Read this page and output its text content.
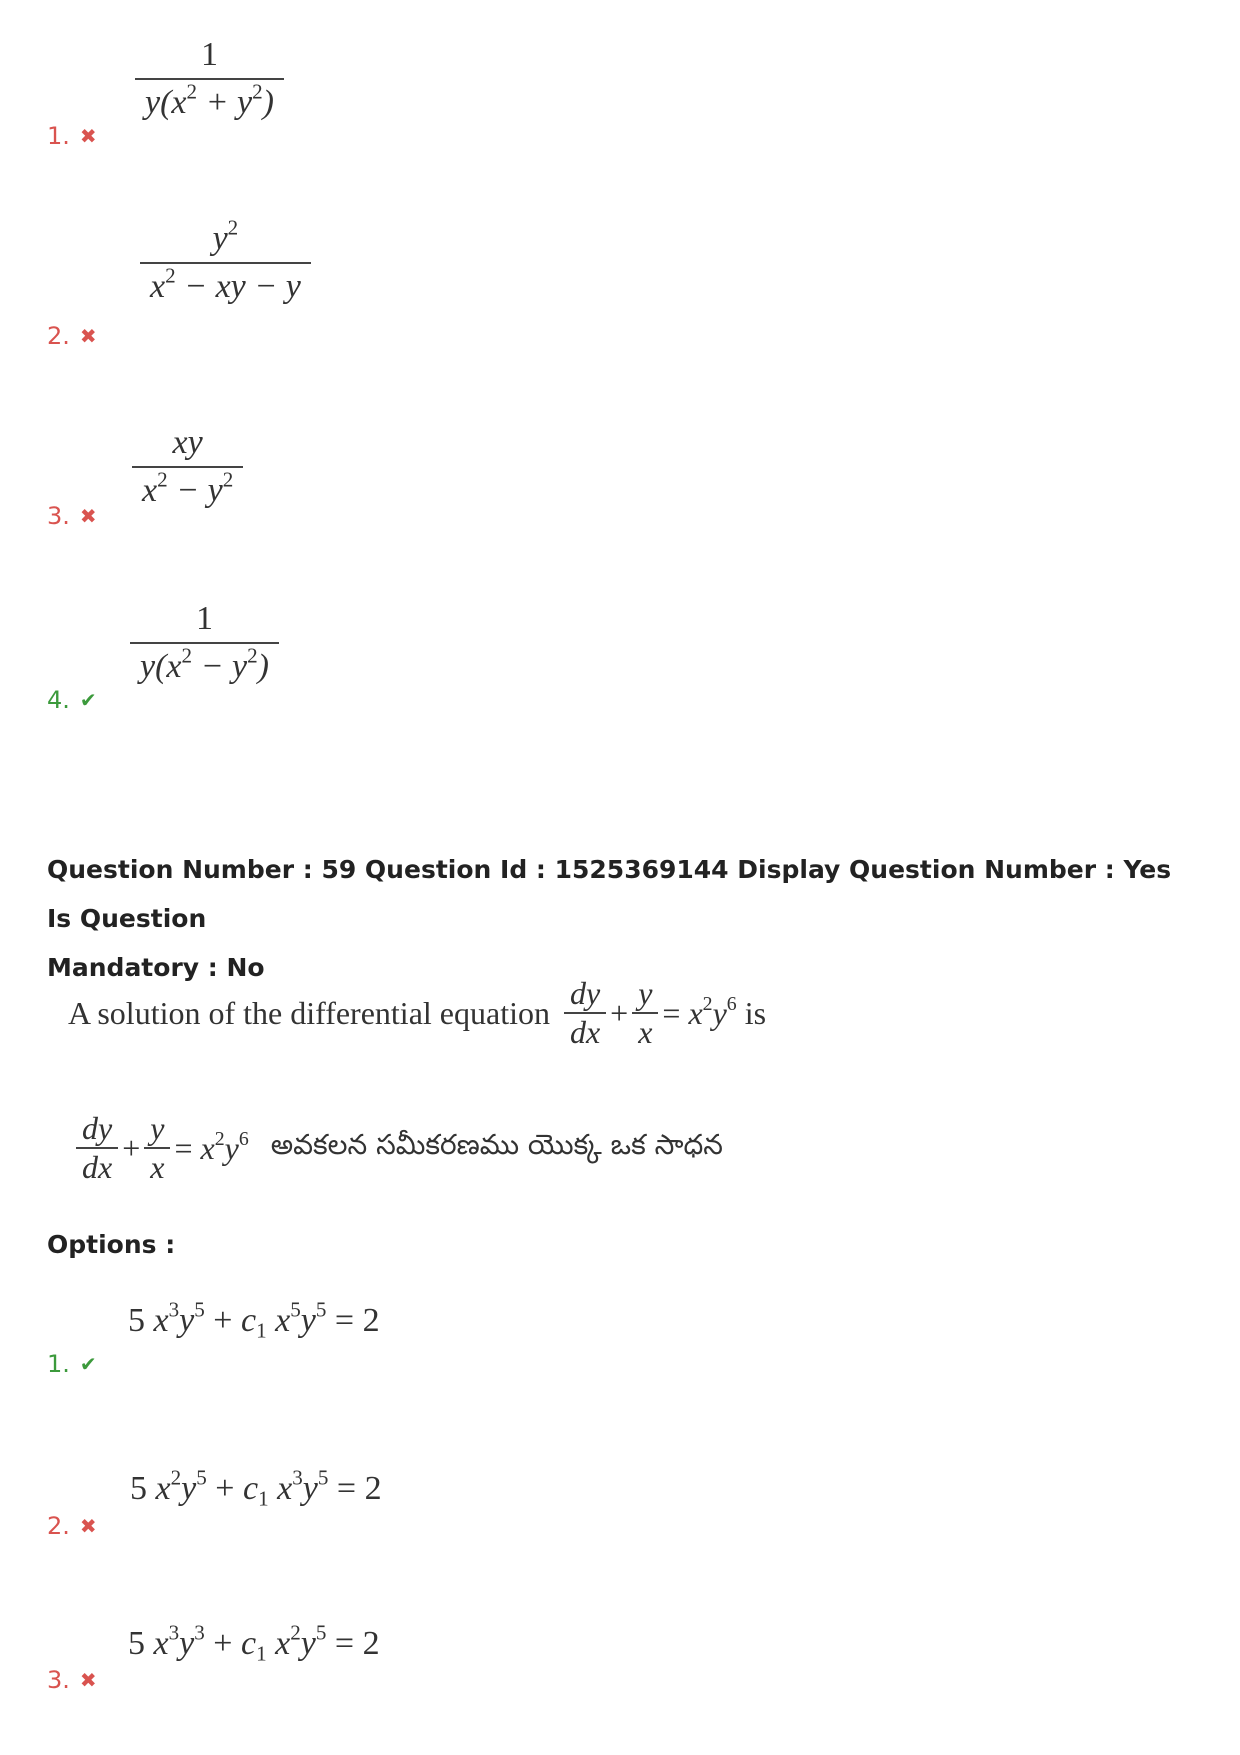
$\frac{1}{y(x^2 + y^2)}$
1. ✖
$\frac{y^2}{x^2 - xy - y}$
2. ✖
$\frac{xy}{x^2 - y^2}$
3. ✖
$\frac{1}{y(x^2 - y^2)}$
4. ✔
Question Number : 59 Question Id : 1525369144 Display Question Number : Yes Is Question
Mandatory : No
A solution of the differential equation
dy
dx
+
y
x
= $x^2y^6$ is
dy
dx
+
y
x
= $x^2y^6$ అవకలన సమీకరణము యొక్క ఒక సాధన
Options :
5 $x^3y^5 + c_1$ $x^5y^5 = 2$
1. ✔
5 $x^2y^5 + c_1$ $x^3y^5 = 2$
2. ✖
5 $x^3y^3 + c_1$ $x^2y^5 = 2$
3. ✖
